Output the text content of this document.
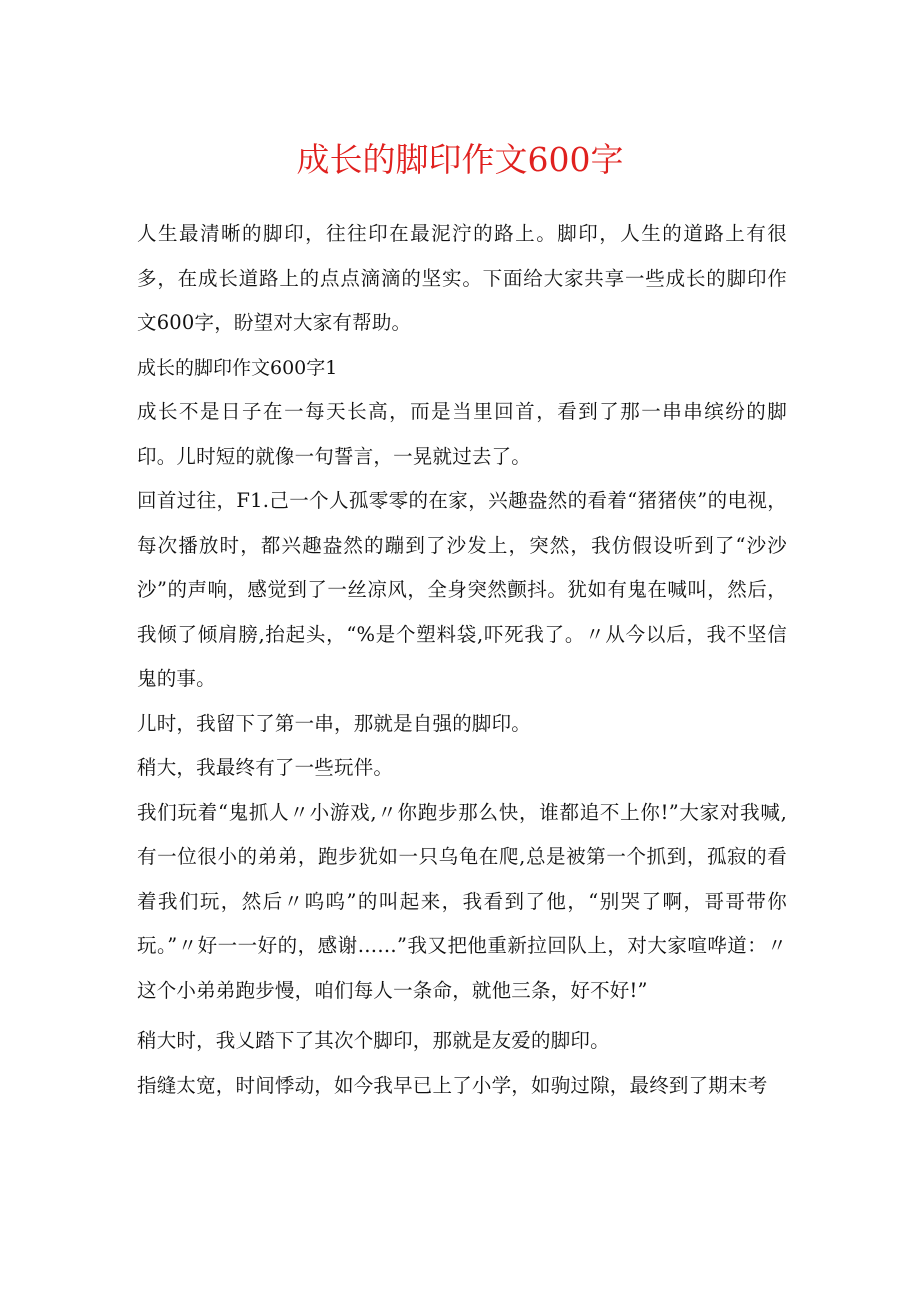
成长的脚印作文600字

人生最清晰的脚印，往往印在最泥泞的路上。脚印，人生的道路上有很多，在成长道路上的点点滴滴的坚实。下面给大家共享一些成长的脚印作文600字，盼望对大家有帮助。

成长的脚印作文600字1

成长不是日子在一每天长高，而是当里回首，看到了那一串串缤纷的脚印。儿时短的就像一句誓言，一晃就过去了。

回首过往，F1.己一个人孤零零的在家，兴趣盎然的看着“猪猪侠”的电视，每次播放时，都兴趣盎然的蹦到了沙发上，突然，我仿假设听到了“沙沙沙”的声响，感觉到了一丝凉风，全身突然颤抖。犹如有鬼在喊叫，然后，我倾了倾肩膀,抬起头，“%是个塑料袋,吓死我了。〃从今以后，我不坚信鬼的事。

儿时，我留下了第一串，那就是自强的脚印。

稍大，我最终有了一些玩伴。

我们玩着“鬼抓人〃小游戏,〃你跑步那么快，谁都追不上你!”大家对我喊,有一位很小的弟弟，跑步犹如一只乌龟在爬,总是被第一个抓到，孤寂的看着我们玩，然后〃呜呜”的叫起来，我看到了他，“别哭了啊，哥哥带你玩。”〃好一一好的，感谢……”我又把他重新拉回队上，对大家喧哗道：〃这个小弟弟跑步慢，咱们每人一条命，就他三条，好不好!”

稍大时，我乂踏下了其次个脚印，那就是友爱的脚印。

指缝太宽，时间悸动，如今我早已上了小学，如驹过隙，最终到了期末考
